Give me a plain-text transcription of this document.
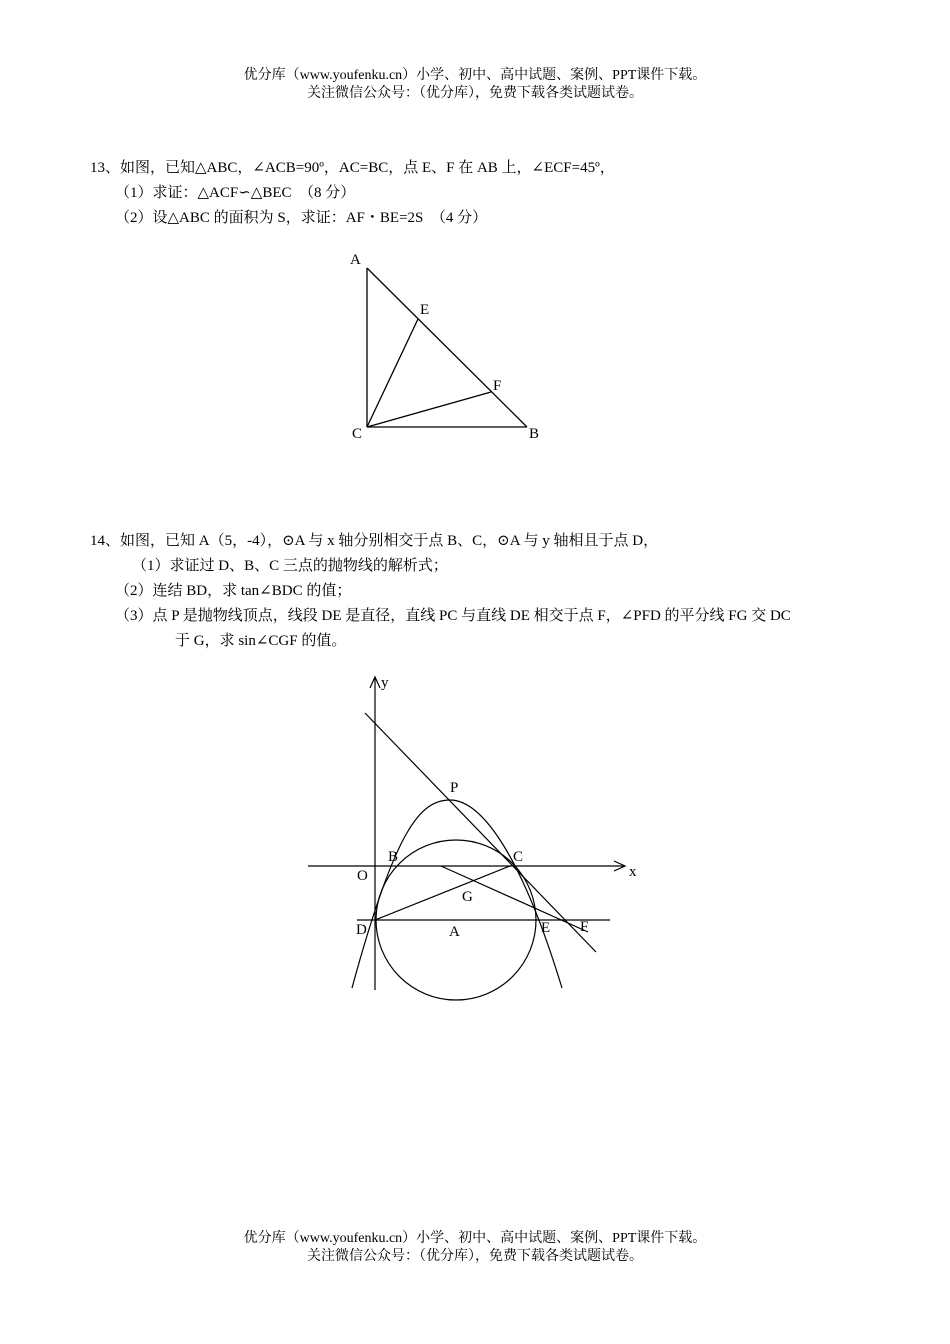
优分库（www.youfenku.cn）小学、初中、高中试题、案例、PPT课件下载。
关注微信公众号：（优分库），免费下载各类试题试卷。
13、如图，已知△ABC，∠ACB=90º，AC=BC，点 E、F 在 AB 上，∠ECF=45º，
（1）求证：△ACF∽△BEC　（8 分）
（2）设△ABC 的面积为 S，求证：AF・BE=2S　（4 分）
A
E
F
C	B
14、如图，已知 A（5，-4），⊙A 与 x 轴分别相交于点 B、C，⊙A 与 y 轴相且于点 D，
（1）求证过 D、B、C 三点的抛物线的解析式；
（2）连结 BD，求 tan∠BDC 的值；
（3）点 P 是抛物线顶点，线段 DE 是直径，直线 PC 与直线 DE 相交于点 F，∠PFD 的平分线 FG 交 DC
于 G，求 sin∠CGF 的值。
y
x
O
P
B	C
G
D	A	E F
优分库（www.youfenku.cn）小学、初中、高中试题、案例、PPT课件下载。
关注微信公众号：（优分库），免费下载各类试题试卷。
